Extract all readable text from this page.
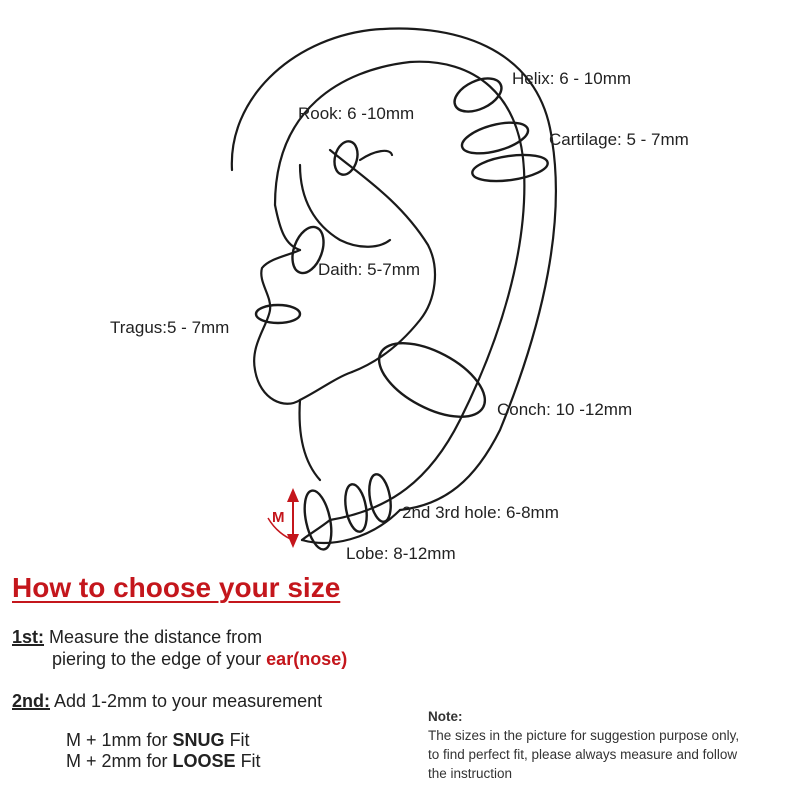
M
Helix: 6 - 10mm
Rook: 6 -10mm
Cartilage: 5 - 7mm
Daith: 5-7mm
Tragus:5 - 7mm
Conch: 10 -12mm
2nd 3rd hole: 6-8mm
Lobe: 8-12mm
How to choose your size
1st: Measure the distance from
piering to the edge of your ear(nose)
2nd: Add 1-2mm to your measurement
M + 1mm for SNUG Fit
M + 2mm for LOOSE Fit
Note:
The sizes in the picture for suggestion purpose only,
to find perfect fit, please always measure and follow
the instruction
